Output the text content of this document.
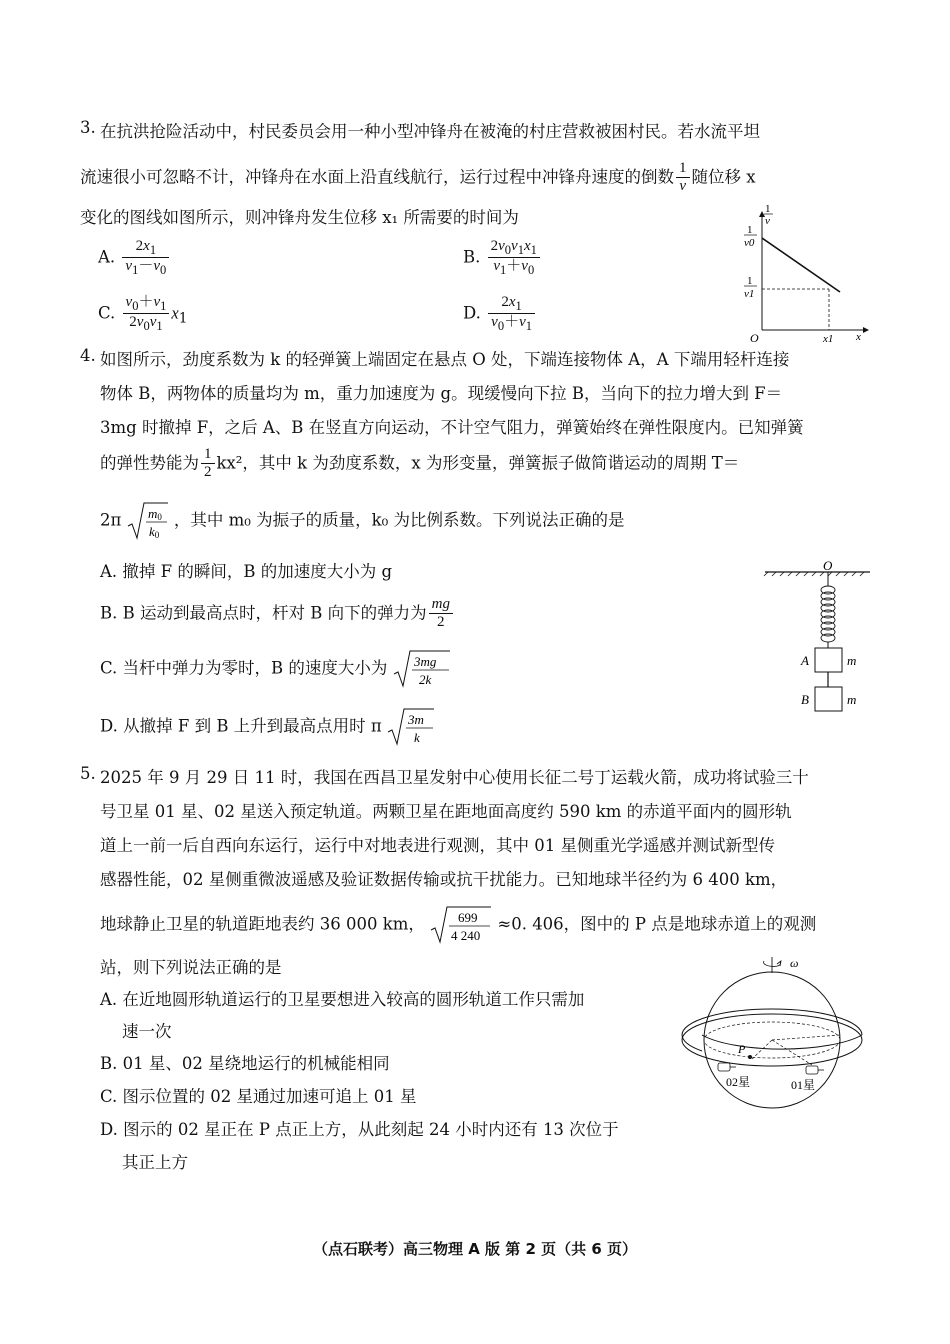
3. 在抗洪抢险活动中，村民委员会用一种小型冲锋舟在被淹的村庄营救被困村民。若水流平坦
流速很小可忽略不计，冲锋舟在水面上沿直线航行，运行过程中冲锋舟速度的倒数 $\frac{1}{v}$ 随位移 x
变化的图线如图所示，则冲锋舟发生位移 x₁ 所需要的时间为
A. $\frac{2x_1}{v_1-v_0}$	B. $\frac{2v_0v_1x_1}{v_1+v_0}$
C. $\frac{v_0+v_1}{2v_0v_1} x_1$	D. $\frac{2x_1}{v_0+v_1}$
1
v
1
v0
1
v1
O	x1 x
4. 如图所示，劲度系数为 k 的轻弹簧上端固定在悬点 O 处，下端连接物体 A，A 下端用轻杆连接
物体 B，两物体的质量均为 m，重力加速度为 g。现缓慢向下拉 B，当向下的拉力增大到 F＝
3mg 时撤掉 F，之后 A、B 在竖直方向运动，不计空气阻力，弹簧始终在弹性限度内。已知弹簧
的弹性势能为 $\frac{1}{2} kx^2$，其中 k 为劲度系数，x 为形变量，弹簧振子做简谐运动的周期 T＝
2π m0
k0
，其中 m₀ 为振子的质量，k₀ 为比例系数。下列说法正确的是
A. 撤掉 F 的瞬间，B 的加速度大小为 g
B. B 运动到最高点时，杆对 B 向下的弹力为 $\frac{mg}{2}$
C. 当杆中弹力为零时，B 的速度大小为 3mg
2k
D. 从撤掉 F 到 B 上升到最高点用时 π 3m
k
O
A	m
B	m
5. 2025 年 9 月 29 日 11 时，我国在西昌卫星发射中心使用长征二号丁运载火箭，成功将试验三十
号卫星 01 星、02 星送入预定轨道。两颗卫星在距地面高度约 590 km 的赤道平面内的圆形轨
道上一前一后自西向东运行，运行中对地表进行观测，其中 01 星侧重光学遥感并测试新型传
感器性能，02 星侧重微波遥感及验证数据传输或抗干扰能力。已知地球半径约为 6 400 km，
地球静止卫星的轨道距地表约 36 000 km，	699
4 240
≈0. 406，图中的 P 点是地球赤道上的观测
站，则下列说法正确的是
A. 在近地圆形轨道运行的卫星要想进入较高的圆形轨道工作只需加
速一次
B. 01 星、02 星绕地运行的机械能相同
C. 图示位置的 02 星通过加速可追上 01 星
D. 图示的 02 星正在 P 点正上方，从此刻起 24 小时内还有 13 次位于
其正上方
ω
P
02星	01星
（点石联考）高三物理 A 版 第 2 页（共 6 页）
